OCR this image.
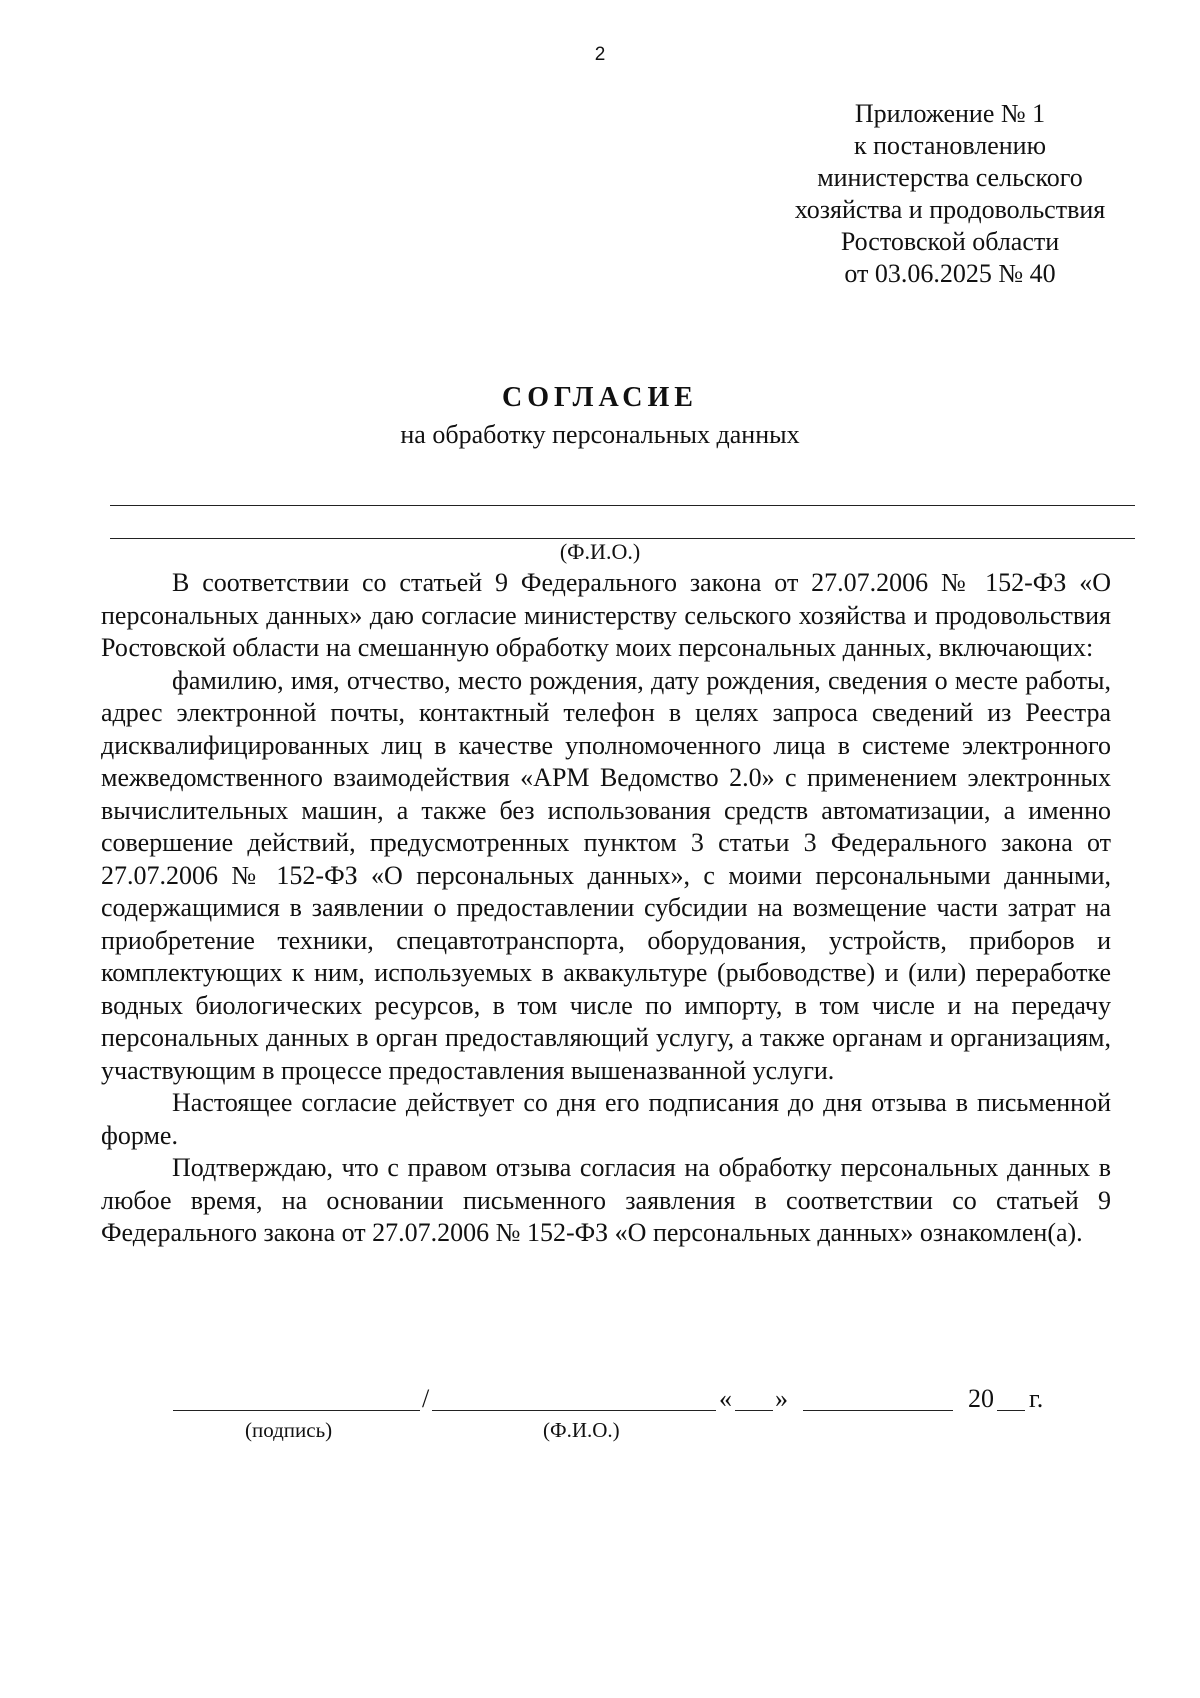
2
Приложение № 1
к постановлению
министерства сельского
хозяйства и продовольствия
Ростовской области
от 03.06.2025 № 40
СОГЛАСИЕ
на обработку персональных данных
(Ф.И.О.)

В соответствии со статьей 9 Федерального закона от 27.07.2006 № 152-ФЗ «О персональных данных» даю согласие министерству сельского хозяйства и продовольствия Ростовской области на смешанную обработку моих персональных данных, включающих:

фамилию, имя, отчество, место рождения, дату рождения, сведения о месте работы, адрес электронной почты, контактный телефон в целях запроса сведений из Реестра дисквалифицированных лиц в качестве уполномоченного лица в системе электронного межведомственного взаимодействия «АРМ Ведомство 2.0» с применением электронных вычислительных машин, а также без использования средств автоматизации, а именно совершение действий, предусмотренных пунктом 3 статьи 3 Федерального закона от 27.07.2006 № 152-ФЗ «О персональных данных», с моими персональными данными, содержащимися в заявлении о предоставлении субсидии на возмещение части затрат на приобретение техники, спецавтотранспорта, оборудования, устройств, приборов и комплектующих к ним, используемых в аквакультуре (рыбоводстве) и (или) переработке водных биологических ресурсов, в том числе по импорту, в том числе и на передачу персональных данных в орган предоставляющий услугу, а также органам и организациям, участвующим в процессе предоставления вышеназванной услуги.

Настоящее согласие действует со дня его подписания до дня отзыва в письменной форме.

Подтверждаю, что с правом отзыва согласия на обработку персональных данных в любое время, на основании письменного заявления в соответствии со статьей 9 Федерального закона от 27.07.2006 № 152-ФЗ «О персональных данных» ознакомлен(а).

/	« »	20 г.
(подпись)	(Ф.И.О.)
